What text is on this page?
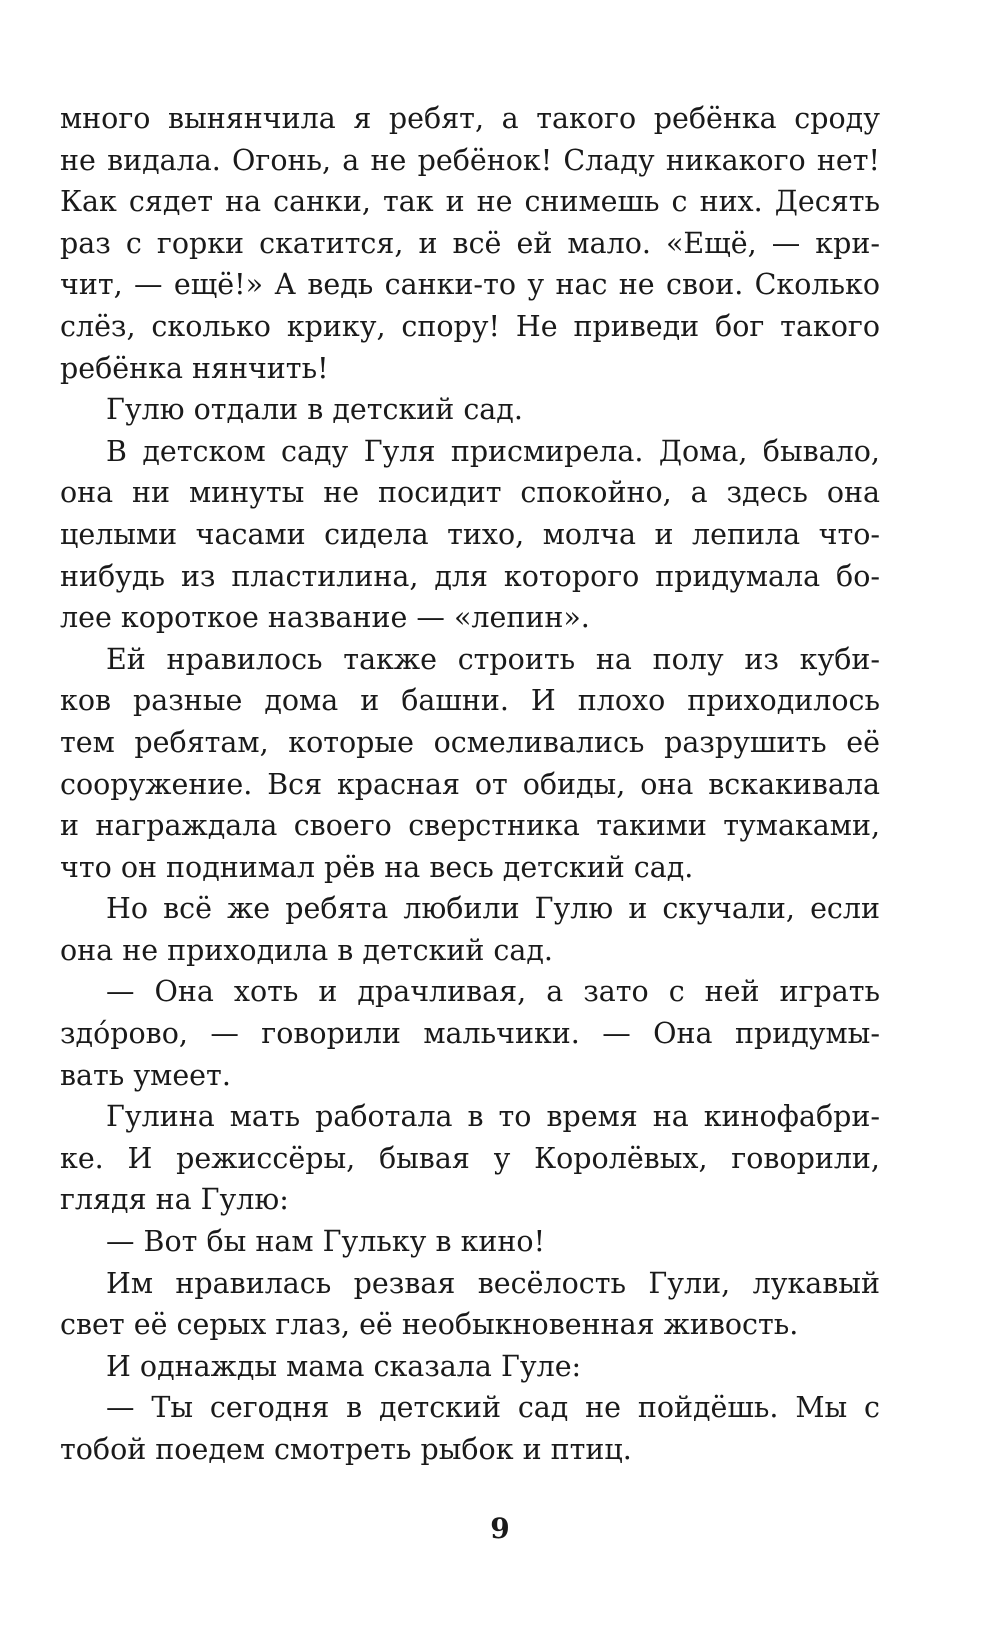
много вынянчила я ребят, а такого ребёнка сроду
не видала. Огонь, а не ребёнок! Сладу никакого нет!
Как сядет на санки, так и не снимешь с них. Десять
раз с горки скатится, и всё ей мало. «Ещё, — кри-
чит, — ещё!» А ведь санки-то у нас не свои. Сколько
слёз, сколько крику, спору! Не приведи бог такого
ребёнка нянчить!
Гулю отдали в детский сад.
В детском саду Гуля присмирела. Дома, бывало,
она ни минуты не посидит спокойно, а здесь она
целыми часами сидела тихо, молча и лепила что-
нибудь из пластилина, для которого придумала бо-
лее короткое название — «лепин».
Ей нравилось также строить на полу из куби-
ков разные дома и башни. И плохо приходилось
тем ребятам, которые осмеливались разрушить её
сооружение. Вся красная от обиды, она вскакивала
и награждала своего сверстника такими тумаками,
что он поднимал рёв на весь детский сад.
Но всё же ребята любили Гулю и скучали, если
она не приходила в детский сад.
— Она хоть и драчливая, а зато с ней играть
здо́рово, — говорили мальчики. — Она придумы-
вать умеет.
Гулина мать работала в то время на кинофабри-
ке. И режиссёры, бывая у Королёвых, говорили,
глядя на Гулю:
— Вот бы нам Гульку в кино!
Им нравилась резвая весёлость Гули, лукавый
свет её серых глаз, её необыкновенная живость.
И однажды мама сказала Гуле:
— Ты сегодня в детский сад не пойдёшь. Мы с
тобой поедем смотреть рыбок и птиц.
9
